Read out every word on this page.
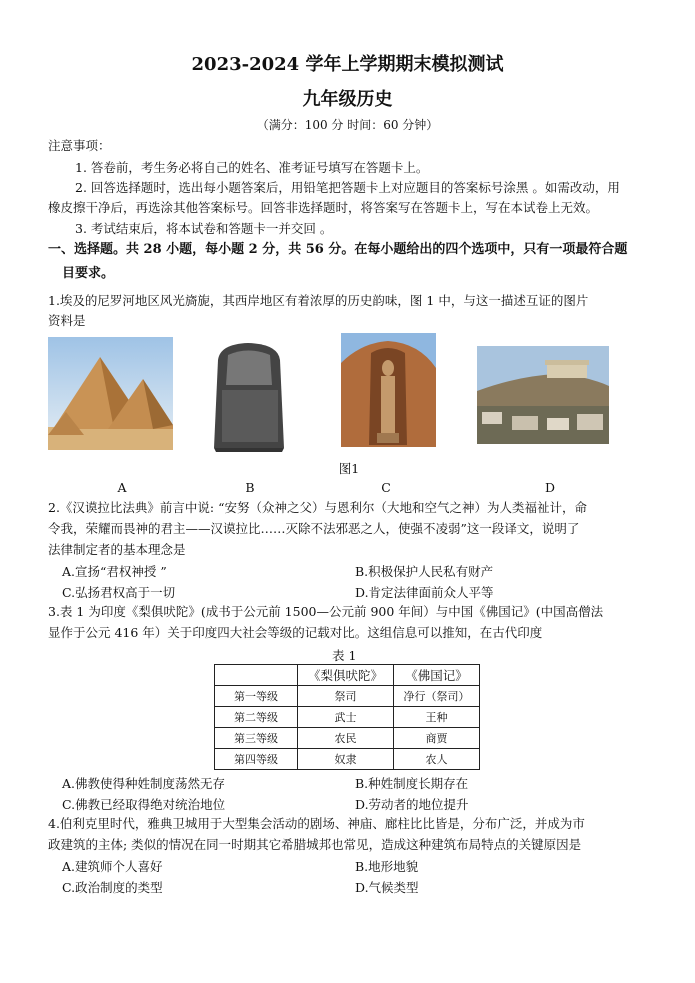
2023-2024 学年上学期期末模拟测试
九年级历史
（满分：100 分 时间：60 分钟）
注意事项：
1. 答卷前，考生务必将自己的姓名、准考证号填写在答题卡上。
2. 回答选择题时，选出每小题答案后，用铅笔把答题卡上对应题目的答案标号涂黑 。如需改动，用
橡皮擦干净后，再选涂其他答案标号。回答非选择题时，将答案写在答题卡上，写在本试卷上无效。
3. 考试结束后，将本试卷和答题卡一并交回 。
一、选择题。共 28 小题，每小题 2 分，共 56 分。在每小题给出的四个选项中，只有一项最符合题
目要求。
1.埃及的尼罗河地区风光旖旎，其西岸地区有着浓厚的历史韵味，图 1 中，与这一描述互证的图片
资料是
图1
A	B	C	D
2.《汉谟拉比法典》前言中说: “安努（众神之父）与恩利尔（大地和空气之神）为人类福祉计，命
令我，荣耀而畏神的君主——汉谟拉比……灭除不法邪恶之人，使强不凌弱”这一段译文，说明了
法律制定者的基本理念是
A.宣扬“君权神授 ”	B.积极保护人民私有财产
C.弘扬君权高于一切	D.肯定法律面前众人平等
3.表 1 为印度《梨俱吠陀》(成书于公元前 1500—公元前 900 年间）与中国《佛国记》(中国高僧法
显作于公元 416 年）关于印度四大社会等级的记载对比。这组信息可以推知，在古代印度
表 1
	《梨俱吠陀》	《佛国记》
第一等级	祭司	净行（祭司）
第二等级	武士	王种
第三等级	农民	商贾
第四等级	奴隶	农人
A.佛教使得种姓制度荡然无存	B.种姓制度长期存在
C.佛教已经取得绝对统治地位	D.劳动者的地位提升
4.伯利克里时代，雅典卫城用于大型集会活动的剧场、神庙、廊柱比比皆是，分布广泛，并成为市
政建筑的主体; 类似的情况在同一时期其它希腊城邦也常见，造成这种建筑布局特点的关键原因是
A.建筑师个人喜好	B.地形地貌
C.政治制度的类型	D.气候类型
